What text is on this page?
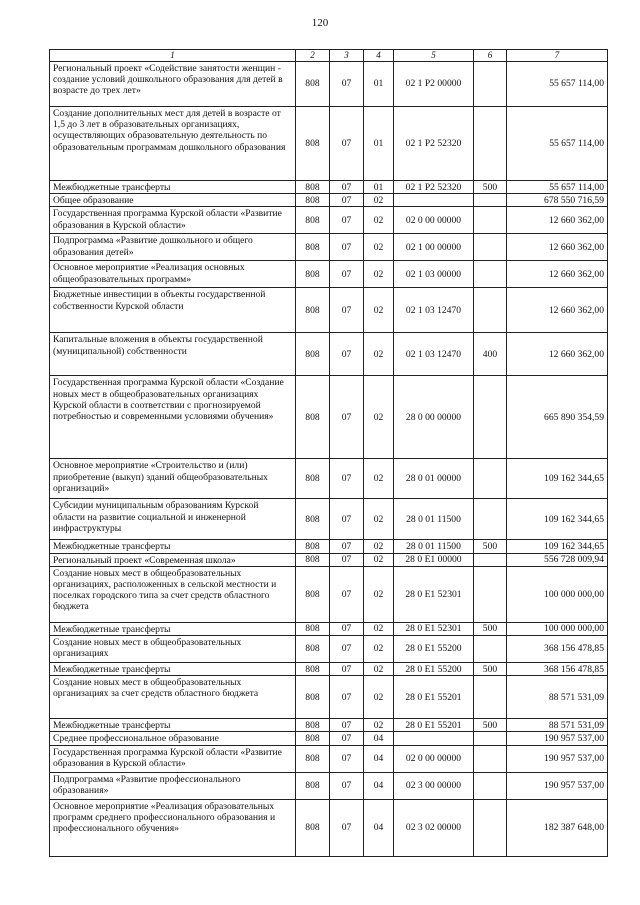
120
1	2	3	4	5	6	7
Региональный проект «Содействие занятости женщин - создание условий дошкольного образования для детей в возрасте до трех лет»	808	07	01	02 1 P2 00000		55 657 114,00
Создание дополнительных мест для детей в возрасте от 1,5 до 3 лет в образовательных организациях, осуществляющих образовательную деятельность по образовательным программам дошкольного образования	808	07	01	02 1 P2 52320		55 657 114,00
Межбюджетные трансферты	808	07	01	02 1 P2 52320	500	55 657 114,00
Общее образование	808	07	02			678 550 716,59
Государственная программа Курской области «Развитие образования в Курской области»	808	07	02	02 0 00 00000		12 660 362,00
Подпрограмма «Развитие дошкольного и общего образования детей»	808	07	02	02 1 00 00000		12 660 362,00
Основное мероприятие «Реализация основных общеобразовательных программ»	808	07	02	02 1 03 00000		12 660 362,00
Бюджетные инвестиции в объекты государственной собственности Курской области	808	07	02	02 1 03 12470		12 660 362,00
Капитальные вложения в объекты государственной (муниципальной) собственности	808	07	02	02 1 03 12470	400	12 660 362,00
Государственная программа Курской области «Создание новых мест в общеобразовательных организациях Курской области в соответствии с прогнозируемой потребностью и современными условиями обучения»	808	07	02	28 0 00 00000		665 890 354,59
Основное мероприятие «Строительство и (или) приобретение (выкуп) зданий общеобразовательных организаций»	808	07	02	28 0 01 00000		109 162 344,65
Субсидии муниципальным образованиям Курской области на развитие социальной и инженерной инфраструктуры	808	07	02	28 0 01 11500		109 162 344,65
Межбюджетные трансферты	808	07	02	28 0 01 11500	500	109 162 344,65
Региональный проект «Современная школа»	808	07	02	28 0 E1 00000		556 728 009,94
Создание новых мест в общеобразовательных организациях, расположенных в сельской местности и поселках городского типа за счет средств областного бюджета	808	07	02	28 0 E1 52301		100 000 000,00
Межбюджетные трансферты	808	07	02	28 0 E1 52301	500	100 000 000,00
Создание новых мест в общеобразовательных организациях	808	07	02	28 0 E1 55200		368 156 478,85
Межбюджетные трансферты	808	07	02	28 0 E1 55200	500	368 156 478,85
Создание новых мест в общеобразовательных организациях за счет средств областного бюджета	808	07	02	28 0 E1 55201		88 571 531,09
Межбюджетные трансферты	808	07	02	28 0 E1 55201	500	88 571 531,09
Среднее профессиональное образование	808	07	04			190 957 537,00
Государственная программа Курской области «Развитие образования в Курской области»	808	07	04	02 0 00 00000		190 957 537,00
Подпрограмма «Развитие профессионального образования»	808	07	04	02 3 00 00000		190 957 537,00
Основное мероприятие «Реализация образовательных программ среднего профессионального образования и профессионального обучения»	808	07	04	02 3 02 00000		182 387 648,00
